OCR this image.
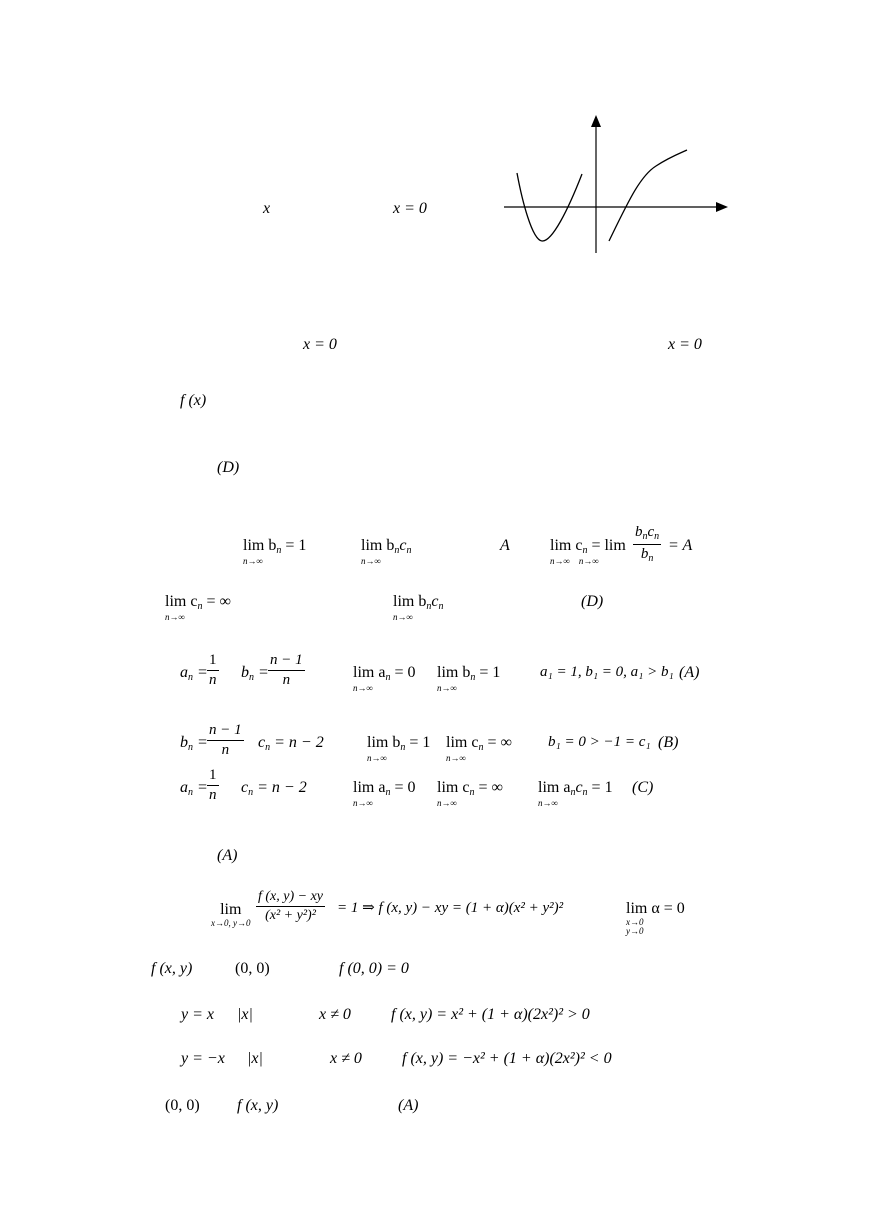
x	x = 0
x = 0	x = 0
f (x)
(D)
$\lim b_n = 1$
n→∞
$\lim b_nc_n$
n→∞
A	$\lim c_n = \lim$
n→∞    n→∞
$b_nc_n$
$b_n$
= A
$\lim c_n$ = ∞
n→∞
$\lim b_nc_n$
n→∞
(D)
$a_n = \frac{1}{n} b_n = \frac{n - 1}{n}$	$\lim a_n = 0$
n→∞
$\lim b_n = 1$
n→∞
a₁ = 1, b₁ = 0, a₁ > b₁ (A)
$b_n = \frac{n - 1}{n} c_n = n - 2$	$\lim b_n = 1$
n→∞
$\lim c_n$ = ∞
n→∞
b₁ = 0 > −1 = c₁ (B)
$a_n = \frac{1}{n} c_n = n - 2$	$\lim a_n = 0$
n→∞
$\lim c_n$ = ∞
n→∞
$\lim a_nc_n = 1$
n→∞
(C)
(A)
lim
x→0, $y\to 0 \frac{f (x, y) - xy}{\text{(x² + y²)²}} = 1$ ⇒ f (x, y) − xy = (1 + α)(x² + y²)²	lim α = 0
x→0
y→0
f (x, y)	(0, 0)	f (0, 0) = 0
y = x |x|	x ≠ 0	f (x, y) = x² + (1 + α)(2x²)² > 0
y = −x |x|	x ≠ 0	f (x, y) = −x² + (1 + α)(2x²)² < 0
(0, 0) f (x, y)	(A)
